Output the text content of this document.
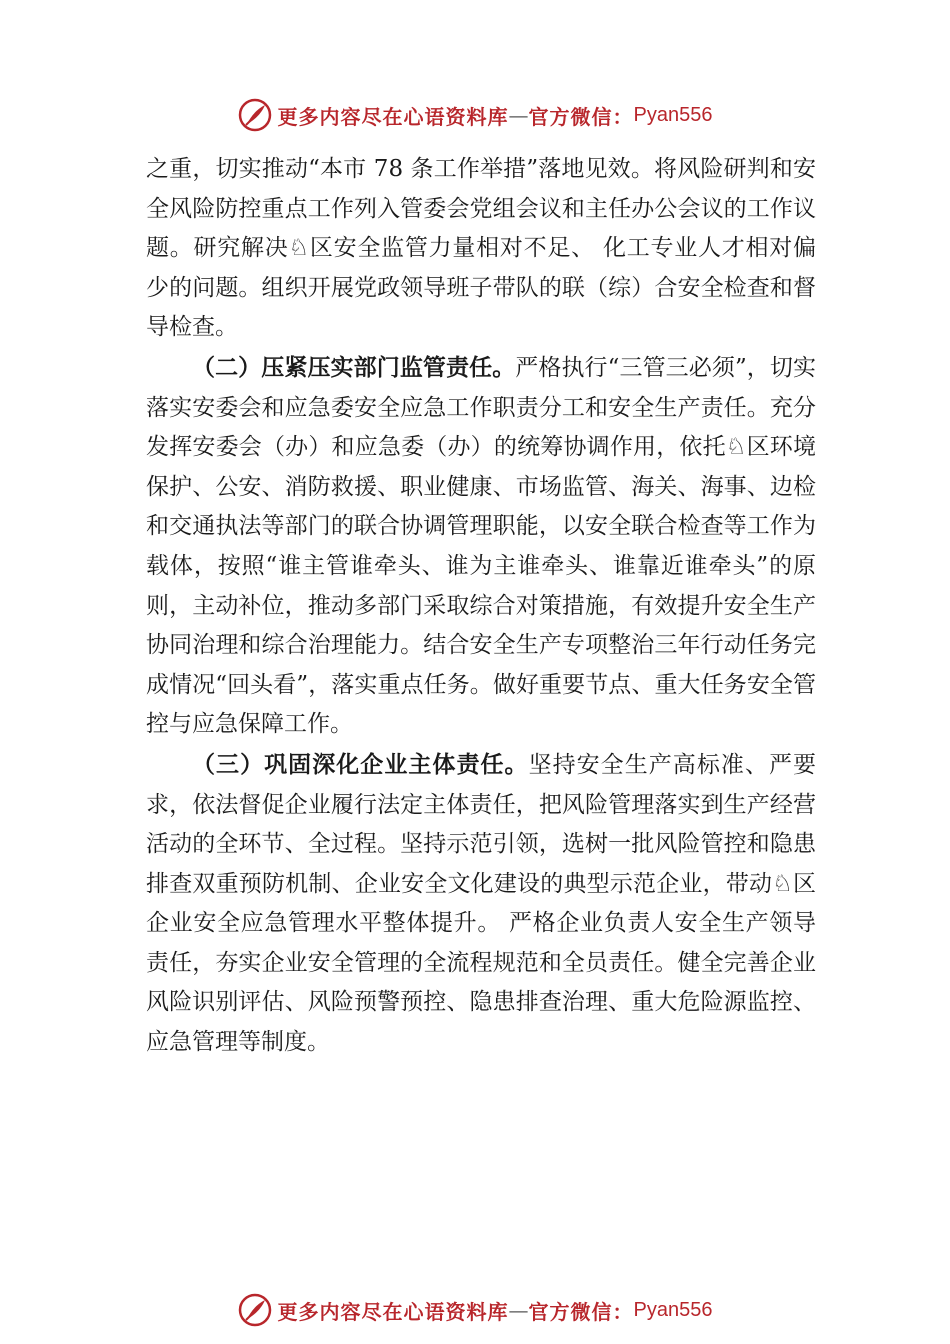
更多内容尽在心语资料库 — 官方微信： Pyan556

之重，切实推动“本市 78 条工作举措”落地见效。将风险研判和安全风险防控重点工作列入管委会党组会议和主任办公会议的工作议题。研究解决♘区安全监管力量相对不足、 化工专业人才相对偏少的问题。组织开展党政领导班子带队的联（综）合安全检查和督导检查。

（二）压紧压实部门监管责任。严格执行“三管三必须”，切实落实安委会和应急委安全应急工作职责分工和安全生产责任。充分发挥安委会（办）和应急委（办）的统筹协调作用，依托♘区环境保护、公安、消防救援、职业健康、市场监管、海关、海事、边检和交通执法等部门的联合协调管理职能，以安全联合检查等工作为载体，按照“谁主管谁牵头、谁为主谁牵头、谁靠近谁牵头”的原则，主动补位，推动多部门采取综合对策措施，有效提升安全生产协同治理和综合治理能力。结合安全生产专项整治三年行动任务完成情况“回头看”，落实重点任务。做好重要节点、重大任务安全管控与应急保障工作。

（三）巩固深化企业主体责任。坚持安全生产高标准、严要求，依法督促企业履行法定主体责任，把风险管理落实到生产经营活动的全环节、全过程。坚持示范引领，选树一批风险管控和隐患排查双重预防机制、企业安全文化建设的典型示范企业，带动♘区企业安全应急管理水平整体提升。 严格企业负责人安全生产领导责任，夯实企业安全管理的全流程规范和全员责任。健全完善企业风险识别评估、风险预警预控、隐患排查治理、重大危险源监控、应急管理等制度。

更多内容尽在心语资料库 — 官方微信： Pyan556
